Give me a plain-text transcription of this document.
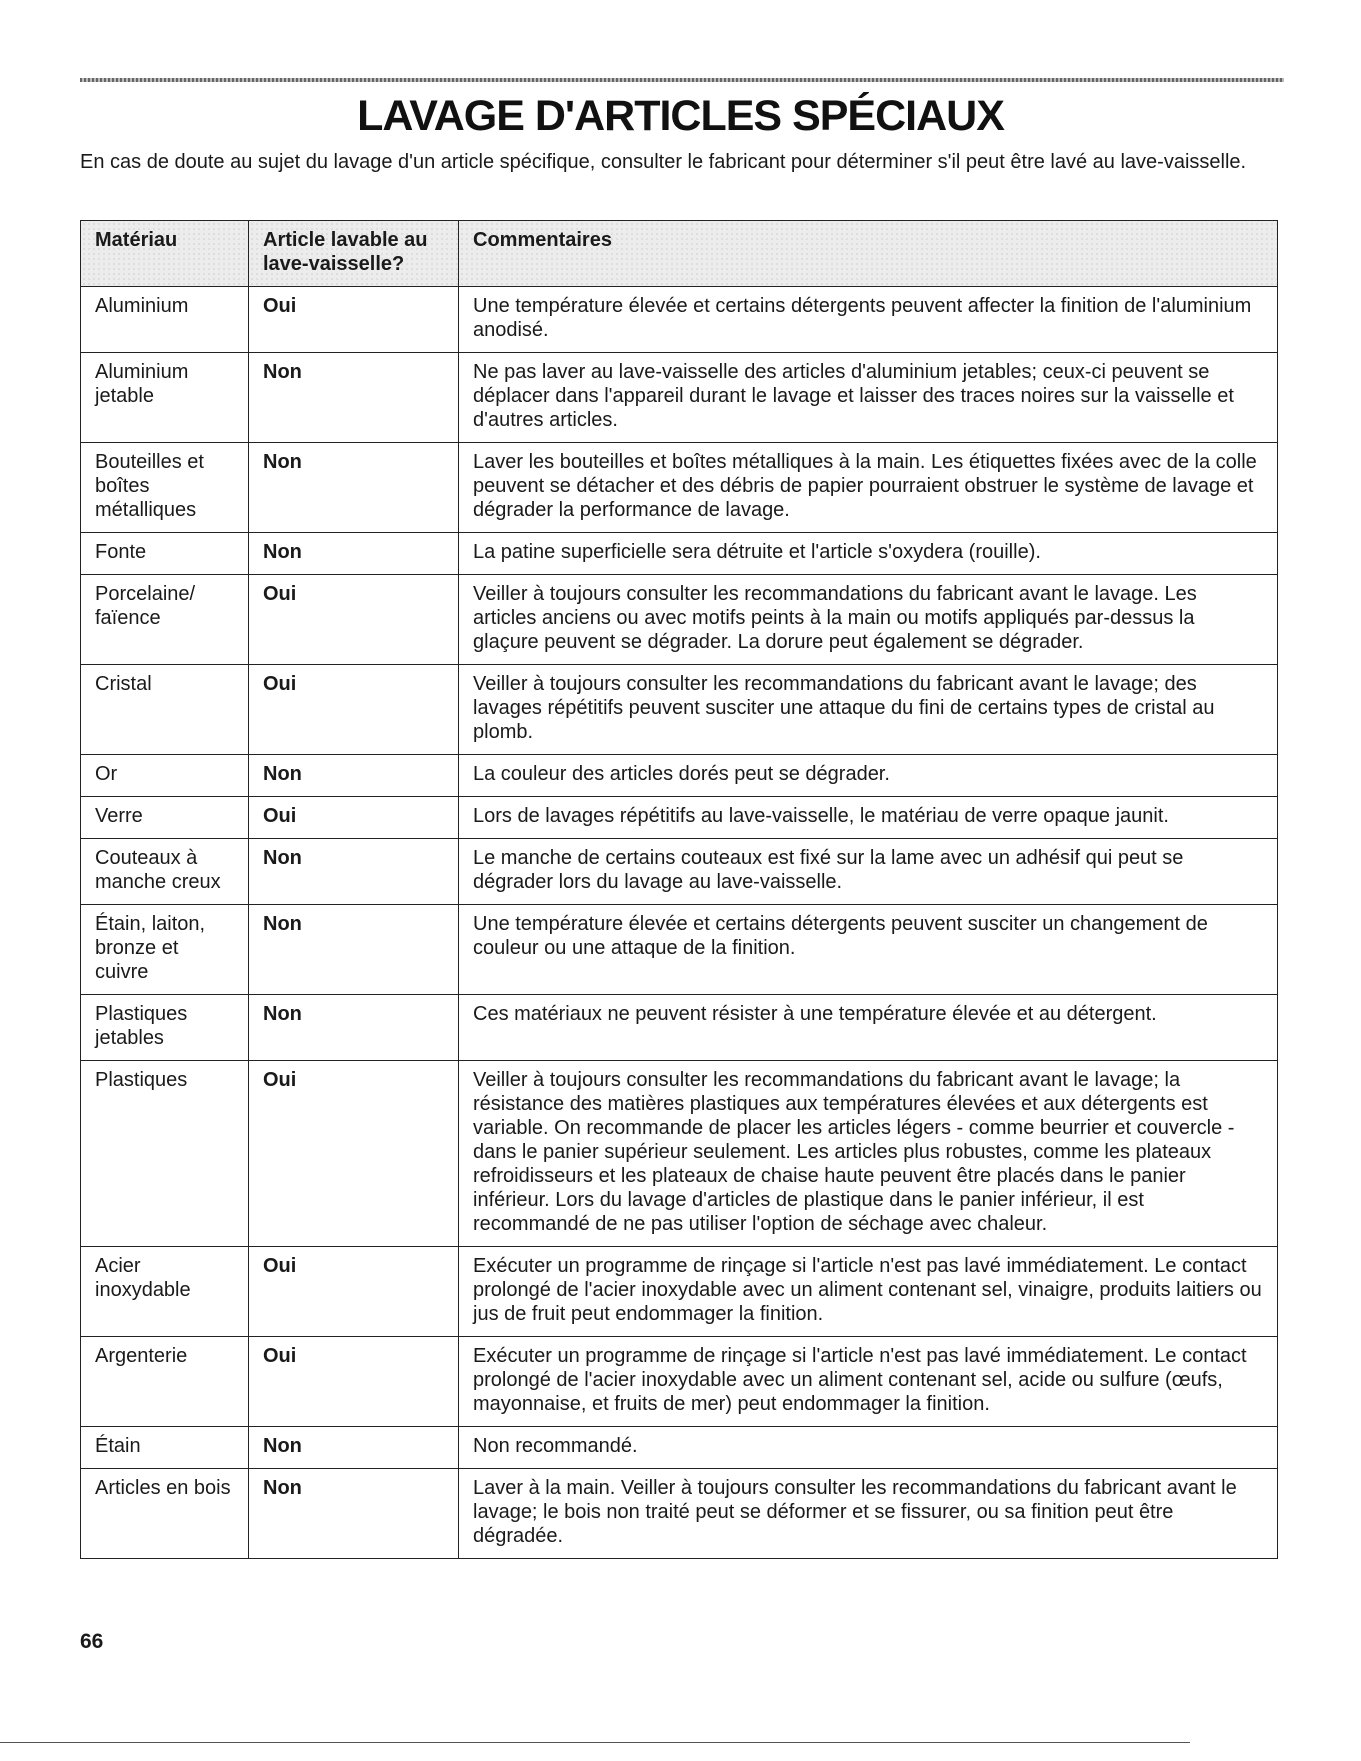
LAVAGE D'ARTICLES SPÉCIAUX

En cas de doute au sujet du lavage d'un article spécifique, consulter le fabricant pour déterminer s'il peut être lavé au lave-vaisselle.

Matériau	Article lavable au lave-vaisselle?	Commentaires
Aluminium	Oui	Une température élevée et certains détergents peuvent affecter la finition de l'aluminium anodisé.
Aluminium jetable	Non	Ne pas laver au lave-vaisselle des articles d'aluminium jetables; ceux-ci peuvent se déplacer dans l'appareil durant le lavage et laisser des traces noires sur la vaisselle et d'autres articles.
Bouteilles et boîtes métalliques	Non	Laver les bouteilles et boîtes métalliques à la main. Les étiquettes fixées avec de la colle peuvent se détacher et des débris de papier pourraient obstruer le système de lavage et dégrader la performance de lavage.
Fonte	Non	La patine superficielle sera détruite et l'article s'oxydera (rouille).
Porcelaine/ faïence	Oui	Veiller à toujours consulter les recommandations du fabricant avant le lavage. Les articles anciens ou avec motifs peints à la main ou motifs appliqués par-dessus la glaçure peuvent se dégrader. La dorure peut également se dégrader.
Cristal	Oui	Veiller à toujours consulter les recommandations du fabricant avant le lavage; des lavages répétitifs peuvent susciter une attaque du fini de certains types de cristal au plomb.
Or	Non	La couleur des articles dorés peut se dégrader.
Verre	Oui	Lors de lavages répétitifs au lave-vaisselle, le matériau de verre opaque jaunit.
Couteaux à manche creux	Non	Le manche de certains couteaux est fixé sur la lame avec un adhésif qui peut se dégrader lors du lavage au lave-vaisselle.
Étain, laiton, bronze et cuivre	Non	Une température élevée et certains détergents peuvent susciter un changement de couleur ou une attaque de la finition.
Plastiques jetables	Non	Ces matériaux ne peuvent résister à une température élevée et au détergent.
Plastiques	Oui	Veiller à toujours consulter les recommandations du fabricant avant le lavage; la résistance des matières plastiques aux températures élevées et aux détergents est variable. On recommande de placer les articles légers - comme beurrier et couvercle - dans le panier supérieur seulement. Les articles plus robustes, comme les plateaux refroidisseurs et les plateaux de chaise haute peuvent être placés dans le panier inférieur. Lors du lavage d'articles de plastique dans le panier inférieur, il est recommandé de ne pas utiliser l'option de séchage avec chaleur.
Acier inoxydable	Oui	Exécuter un programme de rinçage si l'article n'est pas lavé immédiatement. Le contact prolongé de l'acier inoxydable avec un aliment contenant sel, vinaigre, produits laitiers ou jus de fruit peut endommager la finition.
Argenterie	Oui	Exécuter un programme de rinçage si l'article n'est pas lavé immédiatement. Le contact prolongé de l'acier inoxydable avec un aliment contenant sel, acide ou sulfure (œufs, mayonnaise, et fruits de mer) peut endommager la finition.
Étain	Non	Non recommandé.
Articles en bois	Non	Laver à la main. Veiller à toujours consulter les recommandations du fabricant avant le lavage; le bois non traité peut se déformer et se fissurer, ou sa finition peut être dégradée.

66
